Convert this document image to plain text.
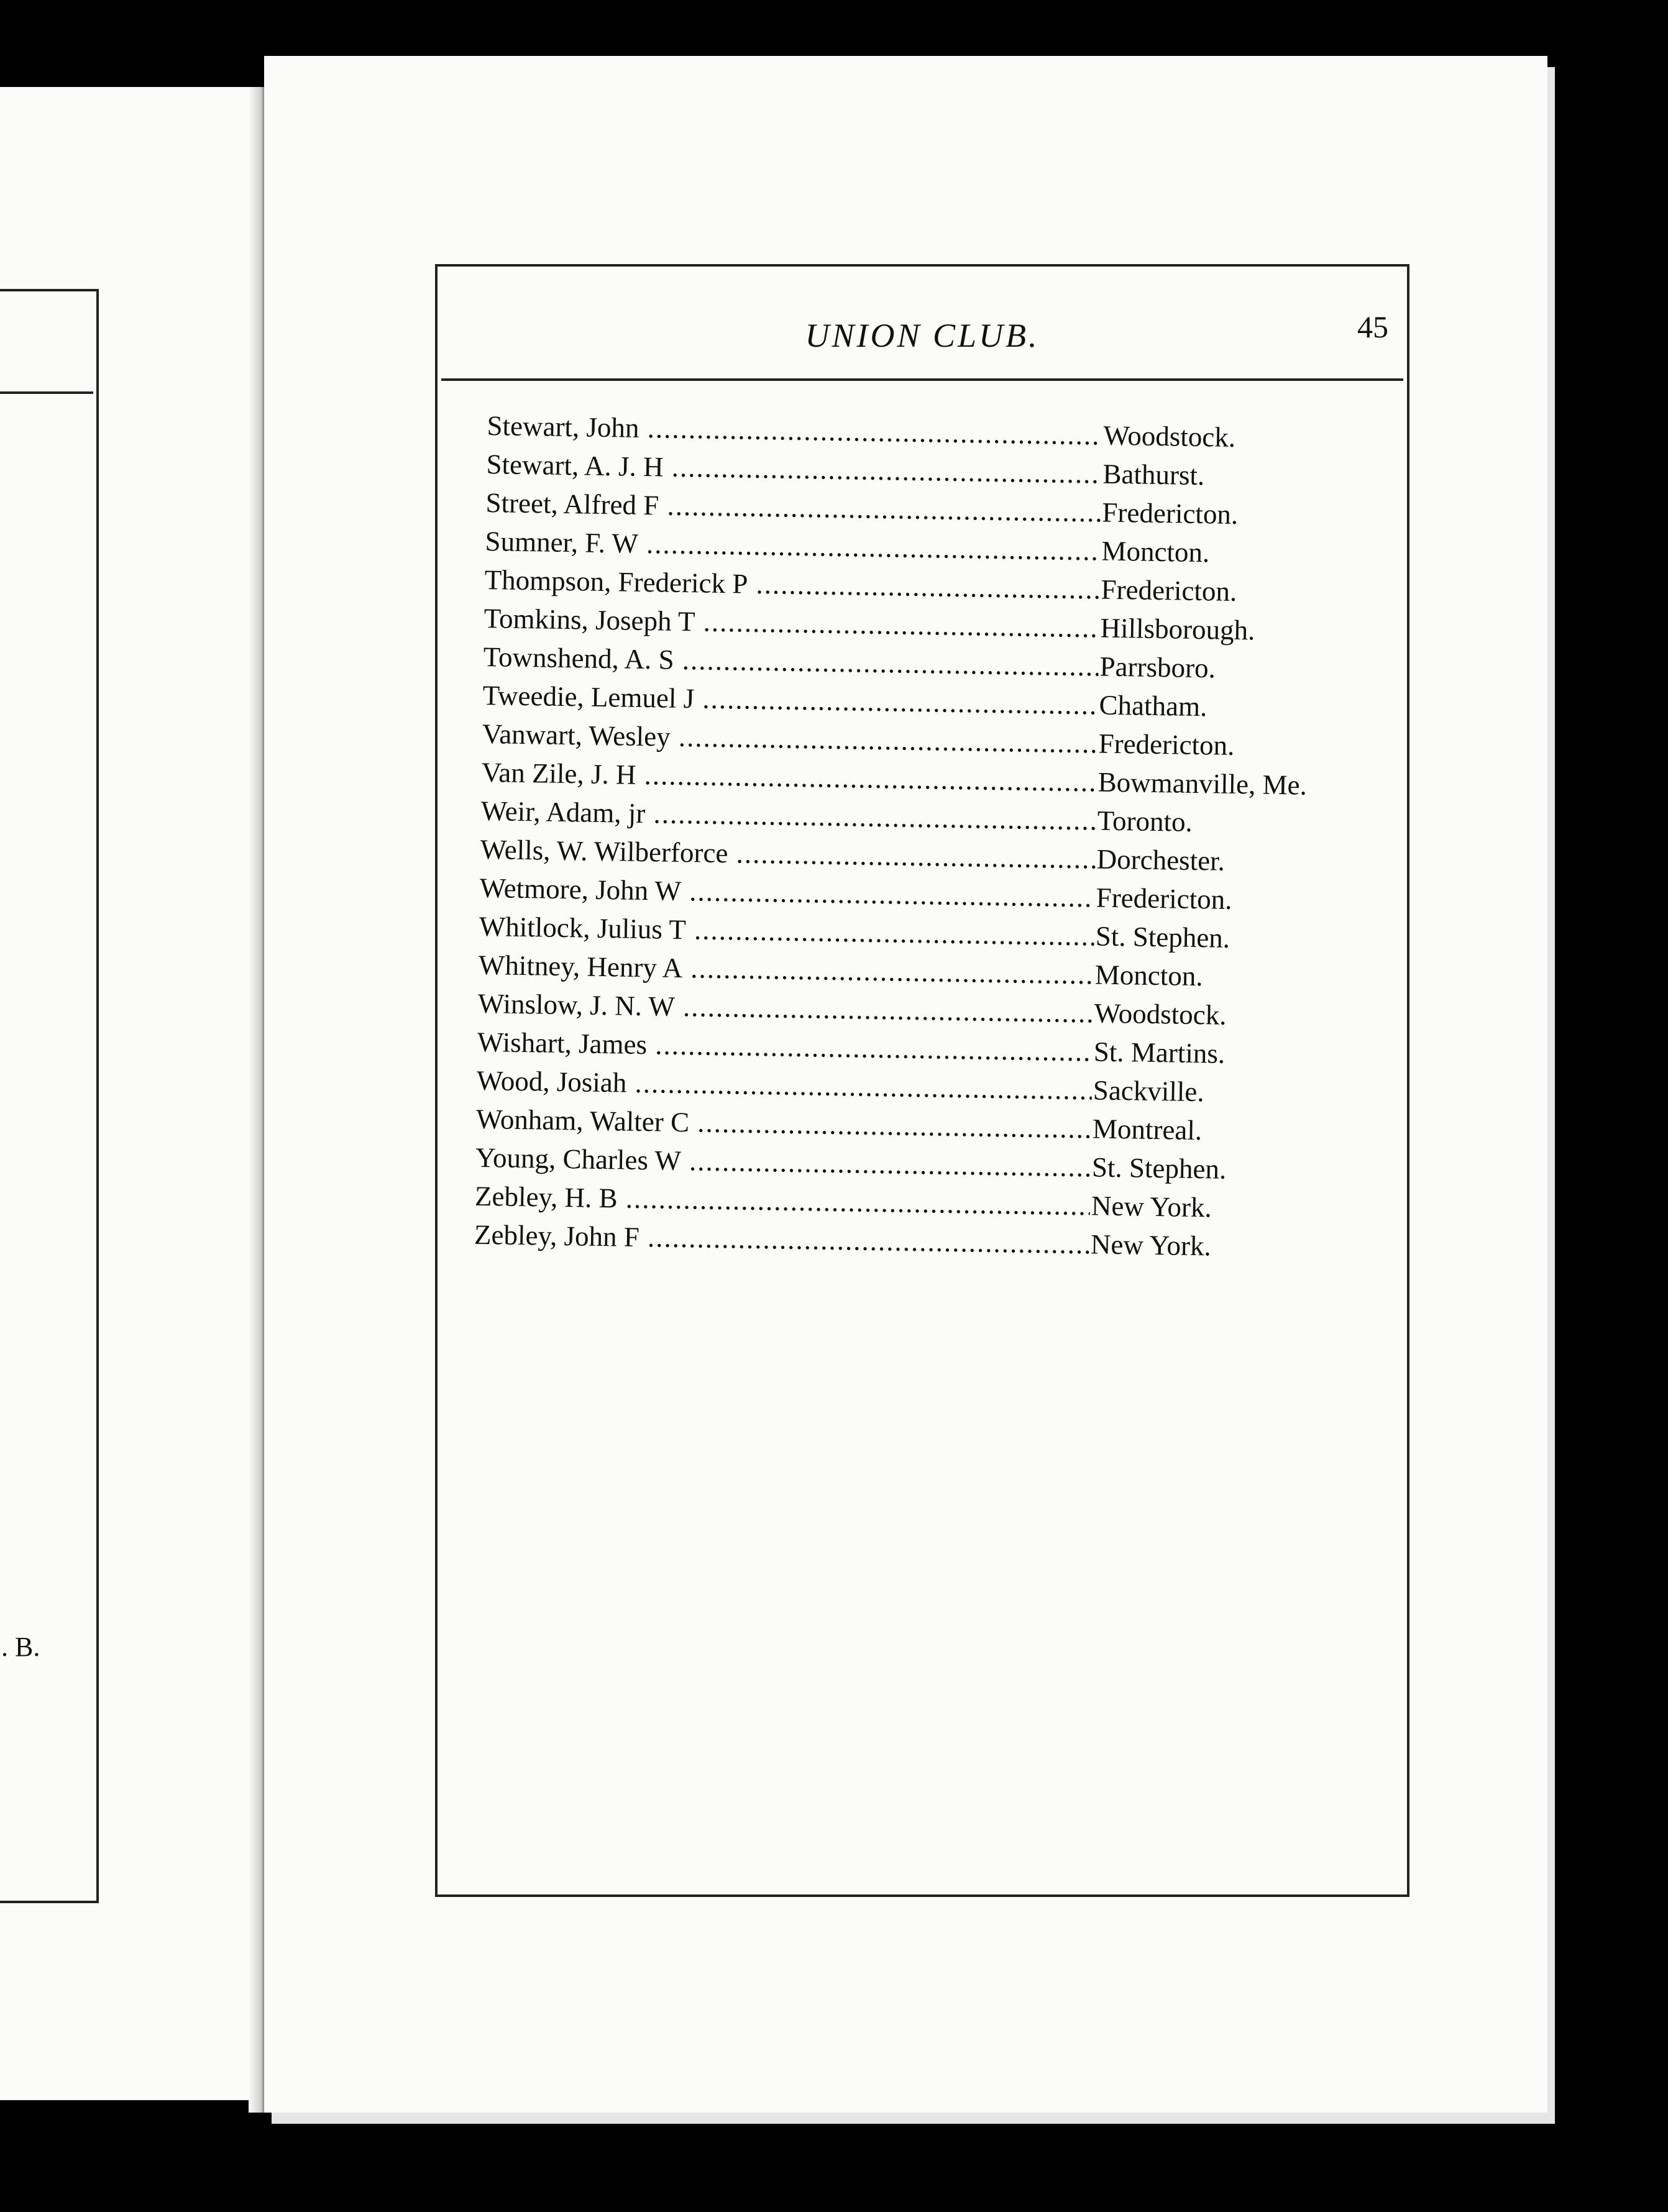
. B.
UNION CLUB.	45
Stewart, John .....	Woodstock.
Stewart, A. J. H .....	Bathurst.
Street, Alfred F .....	Fredericton.
Sumner, F. W .....	Moncton.
Thompson, Frederick P .....	Fredericton.
Tomkins, Joseph T .....	Hillsborough.
Townshend, A. S .....	Parrsboro.
Tweedie, Lemuel J .....	Chatham.
Vanwart, Wesley .....	Fredericton.
Van Zile, J. H .....	Bowmanville, Me.
Weir, Adam, jr .....	Toronto.
Wells, W. Wilberforce .....	Dorchester.
Wetmore, John W .....	Fredericton.
Whitlock, Julius T .....	St. Stephen.
Whitney, Henry A .....	Moncton.
Winslow, J. N. W .....	Woodstock.
Wishart, James .....	St. Martins.
Wood, Josiah .....	Sackville.
Wonham, Walter C .....	Montreal.
Young, Charles W .....	St. Stephen.
Zebley, H. B .....	New York.
Zebley, John F .....	New York.
